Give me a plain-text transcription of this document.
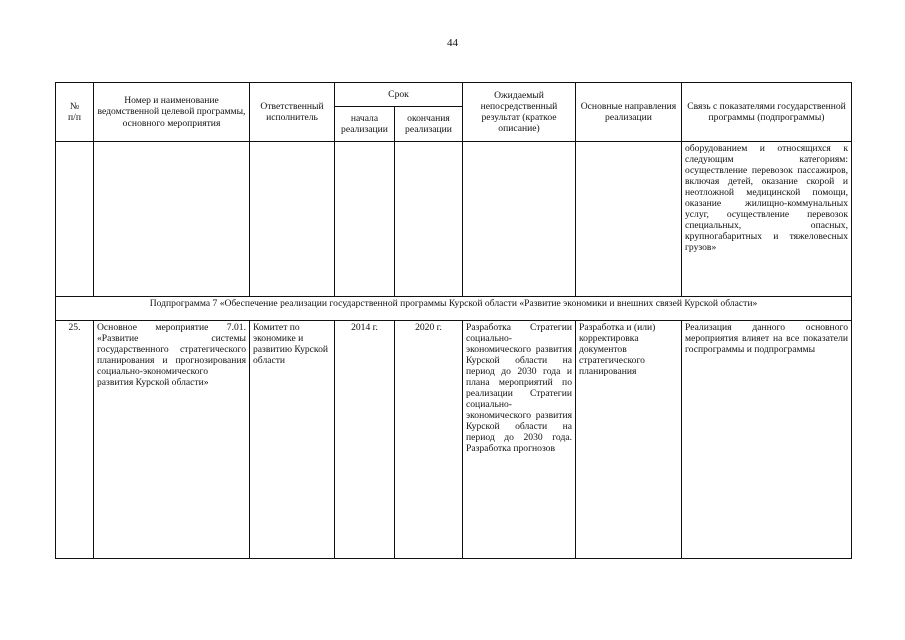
44
№
п/п	Номер и наименование ведомственной целевой программы, основного мероприятия	Ответственный исполнитель	Срок		Ожидаемый непосредственный результат (краткое описание)	Основные направления реализации	Связь с показателями государственной программы (подпрограммы)
			начала реализации	окончания реализации			
							оборудованием и относящихся к следующим категориям: осуществление перевозок пассажиров, включая детей, оказание скорой и неотложной медицинской помощи, оказание жилищно-коммунальных услуг, осуществление перевозок специальных, опасных, крупногабаритных и тяжеловесных грузов»
Подпрограмма 7 «Обеспечение реализации государственной программы Курской области «Развитие экономики и внешних связей Курской области»							
25.	Основное мероприятие 7.01. «Развитие системы государственного стратегического планирования и прогнозирования социально-экономического развития Курской области»	Комитет по экономике и развитию Курской области	2014 г.	2020 г.	Разработка Стратегии социально-экономического развития Курской области на период до 2030 года и плана мероприятий по реализации Стратегии социально-экономического развития Курской области на период до 2030 года. Разработка прогнозов	Разработка и (или) корректировка документов стратегического планирования	Реализация данного основного мероприятия влияет на все показатели госпрограммы и подпрограммы
